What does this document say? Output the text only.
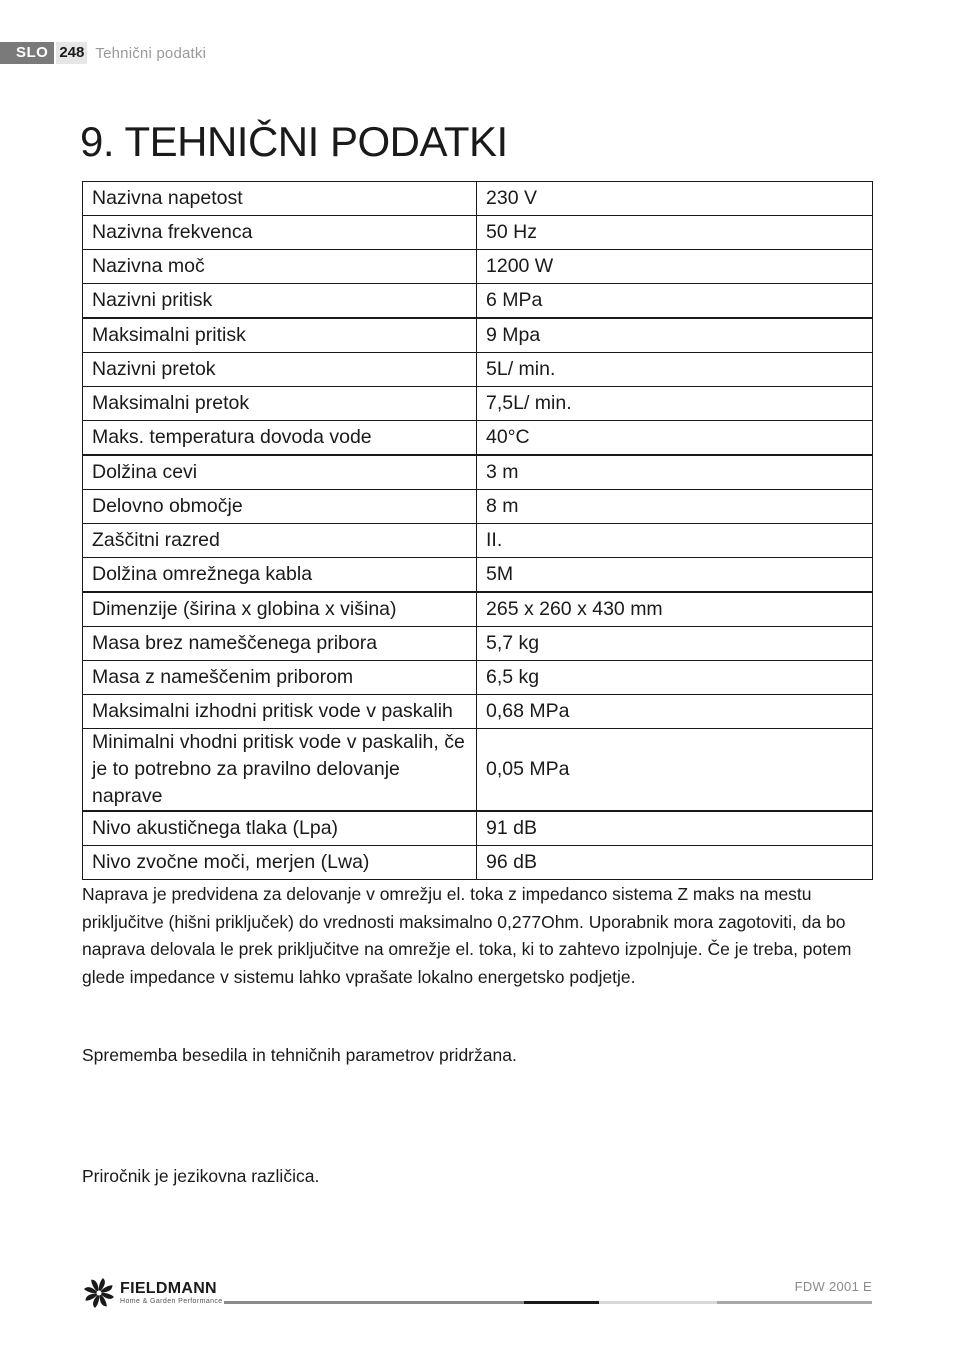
SLO 248 Tehnični podatki
9. TEHNIČNI PODATKI
Nazivna napetost	230 V
Nazivna frekvenca	50 Hz
Nazivna moč	1200 W
Nazivni pritisk	6 MPa
Maksimalni pritisk	9 Mpa
Nazivni pretok	5L/ min.
Maksimalni pretok	7,5L/ min.
Maks. temperatura dovoda vode	40°C
Dolžina cevi	3 m
Delovno območje	8 m
Zaščitni razred	II.
Dolžina omrežnega kabla	5M
Dimenzije (širina x globina x višina)	265 x 260 x 430 mm
Masa brez nameščenega pribora	5,7 kg
Masa z nameščenim priborom	6,5 kg
Maksimalni izhodni pritisk vode v paskalih	0,68 MPa
Minimalni vhodni pritisk vode v paskalih, če je to potrebno za pravilno delovanje naprave	0,05 MPa
Nivo akustičnega tlaka (Lpa)	91 dB
Nivo zvočne moči, merjen (Lwa)	96 dB

Naprava je predvidena za delovanje v omrežju el. toka z impedanco sistema Z maks na mestu priključitve (hišni priključek) do vrednosti maksimalno 0,277Ohm. Uporabnik mora zagotoviti, da bo naprava delovala le prek priključitve na omrežje el. toka, ki to zahtevo izpolnjuje. Če je treba, potem glede impedance v sistemu lahko vprašate lokalno energetsko podjetje.

Sprememba besedila in tehničnih parametrov pridržana.

Priročnik je jezikovna različica.

FIELDMANN
Home & Garden Performance
FDW 2001 E
